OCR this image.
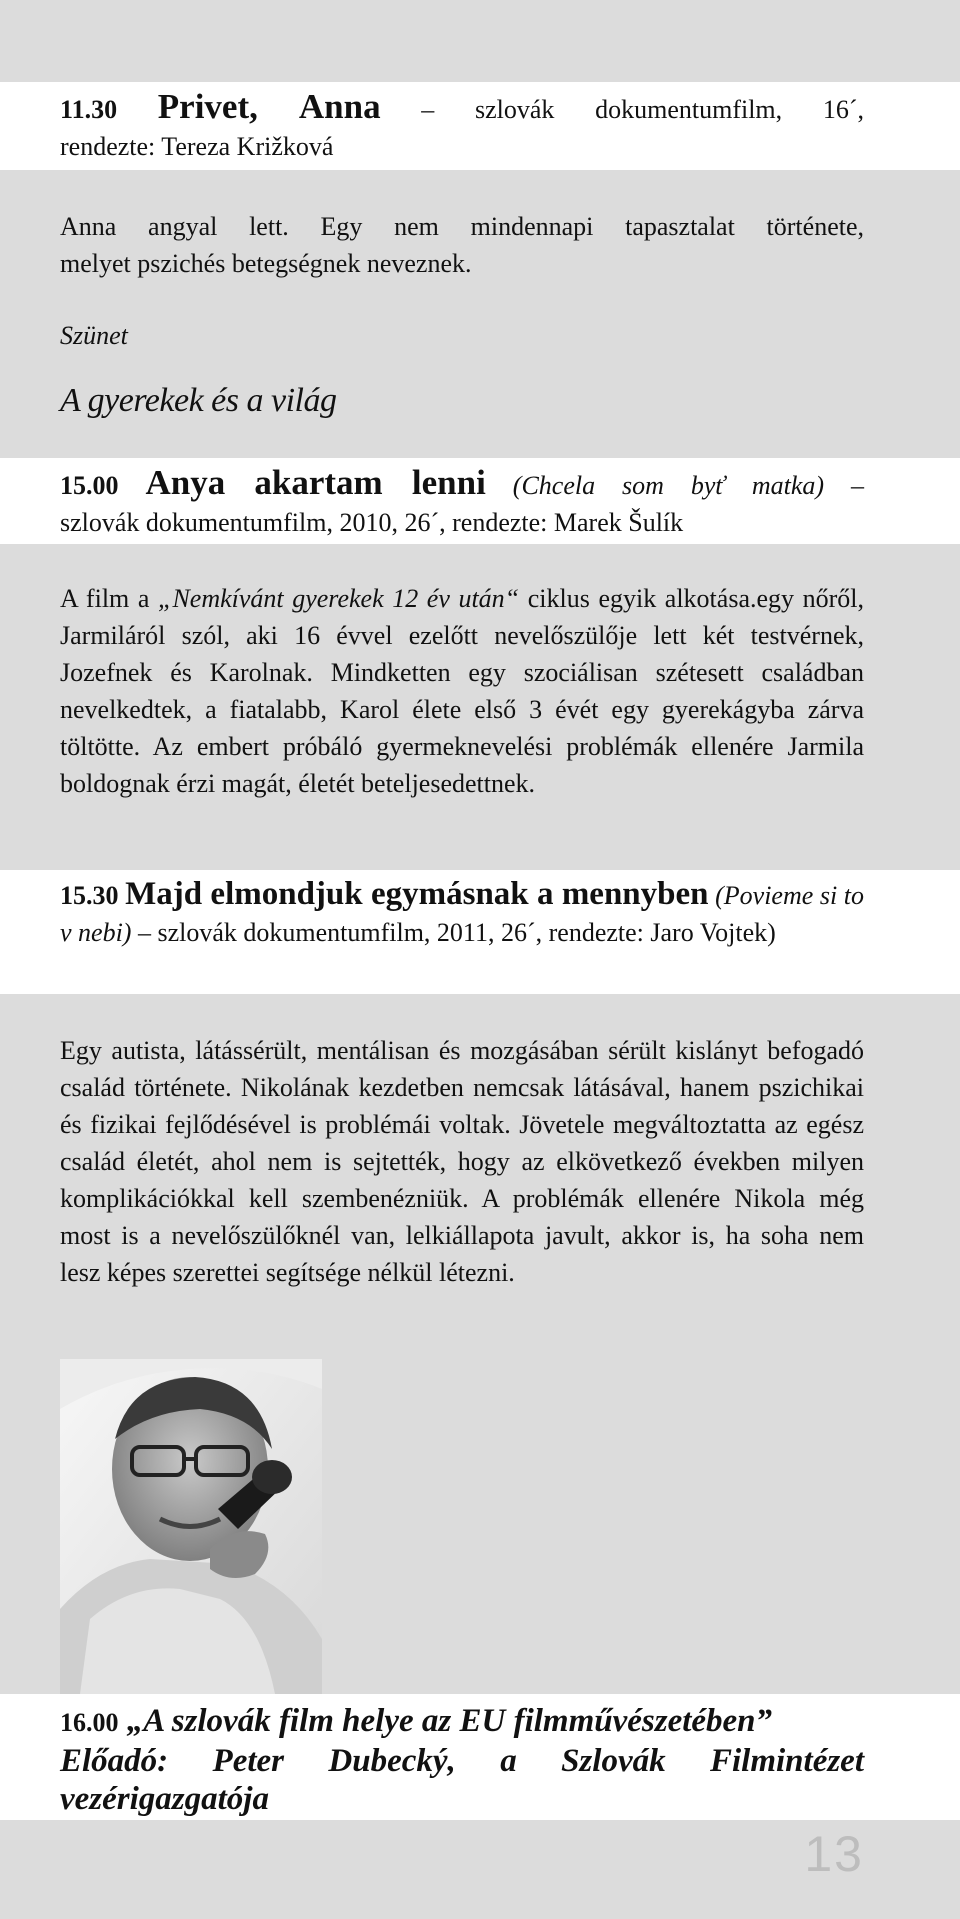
11.30 Privet, Anna – szlovák dokumentumfilm, 16´,
rendezte: Tereza Križková
Anna angyal lett. Egy nem mindennapi tapasztalat története,
melyet pszichés betegségnek neveznek.
Szünet
A gyerekek és a világ
15.00 Anya akartam lenni (Chcela som byť matka) –
szlovák dokumentumfilm, 2010, 26´, rendezte: Marek Šulík
A film a „Nemkívánt gyerekek 12 év után“ ciklus egyik alkotása.egy nőről, Jarmiláról szól, aki 16 évvel ezelőtt nevelőszülője lett két testvérnek, Jozefnek és Karolnak. Mindketten egy szociálisan szétesett családban nevelkedtek, a fiatalabb, Karol élete első 3 évét egy gyerekágyba zárva töltötte. Az embert próbáló gyermeknevelési problémák ellenére Jarmila boldognak érzi magát, életét beteljesedettnek.
15.30 Majd elmondjuk egymásnak a mennyben (Povieme si to v nebi) – szlovák dokumentumfilm, 2011, 26´, rendezte: Jaro Vojtek)
Egy autista, látássérült, mentálisan és mozgásában sérült kislányt befogadó család története. Nikolának kezdetben nemcsak látásával, hanem pszichikai és fizikai fejlődésével is problémái voltak. Jövetele megváltoztatta az egész család életét, ahol nem is sejtették, hogy az elkövetkező években milyen komplikációkkal kell szembenézniük. A problémák ellenére Nikola még most is a nevelőszülőknél van, lelkiállapota javult, akkor is, ha soha nem lesz képes szerettei segítsége nélkül létezni.
16.00 „A szlovák film helye az EU filmművészetében”
Előadó: Peter Dubecký, a Szlovák Filmintézet vezérigazgatója
13
